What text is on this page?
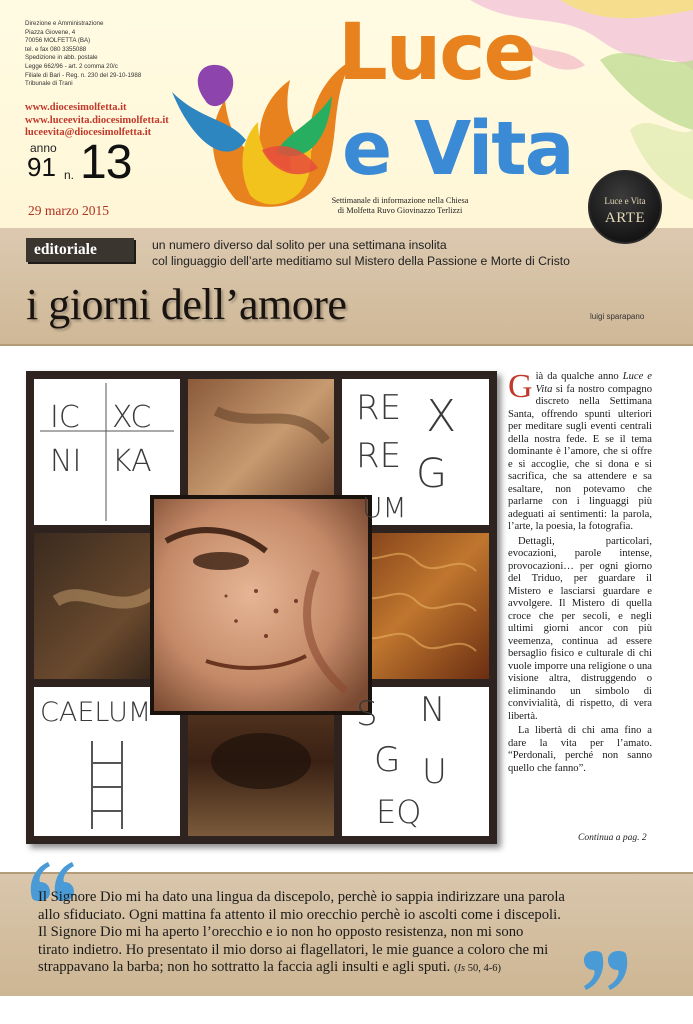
Direzione e Amministrazione
Piazza Giovene, 4
70056 MOLFETTA (BA)
tel. e fax 080 3355088
Spedizione in abb. postale
Legge 662/96 - art. 2 comma 20/c
Filiale di Bari - Reg. n. 230 del 29-10-1988
Tribunale di Trani
www.diocesimolfetta.it
www.luceevita.diocesimolfetta.it
luceevita@diocesimolfetta.it
anno
91 n. 13
29 marzo 2015
Luce
e Vita
Settimanale di informazione nella Chiesa
di Molfetta Ruvo Giovinazzo Terlizzi
Luce e Vita
ARTE
editoriale	un numero diverso dal solito per una settimana insolita
col linguaggio dell’arte meditiamo sul Mistero della Passione e Morte di Cristo
i giorni dell’amore	luigi sparapano
IC XC
NI KA
RE X
RE G
UM
CAELUM	S N
G U
EQ

Già da qualche anno Luce e Vita si fa nostro compagno discreto nella Settimana Santa, offrendo spunti ulteriori per meditare sugli eventi centrali della nostra fede. E se il tema dominante è l’amore, che si offre e si accoglie, che si dona e si sacrifica, che sa attendere e sa esaltare, non potevamo che parlarne con i linguaggi più adeguati ai sentimenti: la parola, l’arte, la poesia, la fotografia.

Dettagli, particolari, evocazioni, parole intense, provocazioni… per ogni giorno del Triduo, per guardare il Mistero e lasciarsi guardare e avvolgere. Il Mistero di quella croce che per secoli, e negli ultimi giorni ancor con più veemenza, continua ad essere bersaglio fisico e culturale di chi vuole imporre una religione o una visione altra, distruggendo o eliminando un simbolo di convivialità, di rispetto, di vera libertà.

La libertà di chi ama fino a dare la vita per l’amato. “Perdonali, perché non sanno quello che fanno”.

Continua a pag. 2
Il Signore Dio mi ha dato una lingua da discepolo, perchè io sappia indirizzare una parola
allo sfiduciato. Ogni mattina fa attento il mio orecchio perchè io ascolti come i discepoli.
Il Signore Dio mi ha aperto l’orecchio e io non ho opposto resistenza, non mi sono
tirato indietro. Ho presentato il mio dorso ai flagellatori, le mie guance a coloro che mi
strappavano la barba; non ho sottratto la faccia agli insulti e agli sputi. (Is 50, 4-6)
